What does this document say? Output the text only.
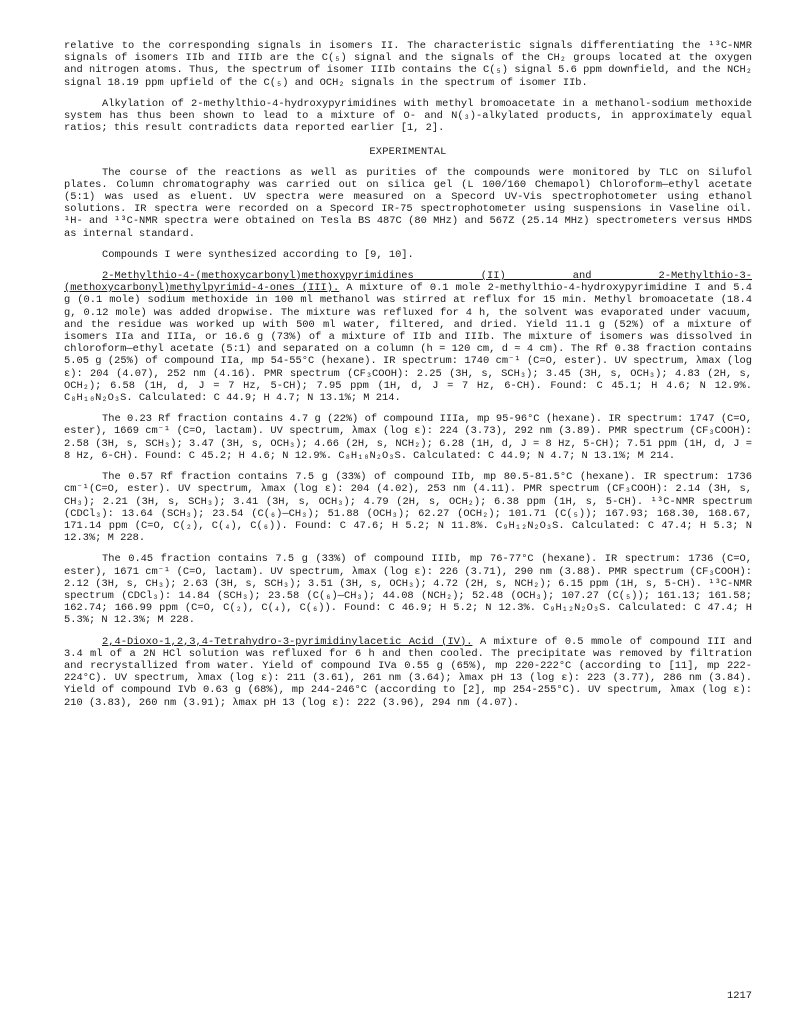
relative to the corresponding signals in isomers II. The characteristic signals differentiating the ¹³C-NMR signals of isomers IIb and IIIb are the C(₅) signal and the signals of the CH₂ groups located at the oxygen and nitrogen atoms. Thus, the spectrum of isomer IIIb contains the C(₅) signal 5.6 ppm downfield, and the NCH₂ signal 18.19 ppm upfield of the C(₅) and OCH₂ signals in the spectrum of isomer IIb.

Alkylation of 2-methylthio-4-hydroxypyrimidines with methyl bromoacetate in a methanol-sodium methoxide system has thus been shown to lead to a mixture of O- and N(₃)-alkylated products, in approximately equal ratios; this result contradicts data reported earlier [1, 2].

EXPERIMENTAL

The course of the reactions as well as purities of the compounds were monitored by TLC on Silufol plates. Column chromatography was carried out on silica gel (L 100/160 Chemapol) Chloroform—ethyl acetate (5:1) was used as eluent. UV spectra were measured on a Specord UV-Vis spectrophotometer using ethanol solutions. IR spectra were recorded on a Specord IR-75 spectrophotometer using suspensions in Vaseline oil. ¹H- and ¹³C-NMR spectra were obtained on Tesla BS 487C (80 MHz) and 567Z (25.14 MHz) spectrometers versus HMDS as internal standard.

Compounds I were synthesized according to [9, 10].

2-Methylthio-4-(methoxycarbonyl)methoxypyrimidines (II) and 2-Methylthio-3-(methoxycarbonyl)methylpyrimid-4-ones (III). A mixture of 0.1 mole 2-methylthio-4-hydroxypyrimidine I and 5.4 g (0.1 mole) sodium methoxide in 100 ml methanol was stirred at reflux for 15 min. Methyl bromoacetate (18.4 g, 0.12 mole) was added dropwise. The mixture was refluxed for 4 h, the solvent was evaporated under vacuum, and the residue was worked up with 500 ml water, filtered, and dried. Yield 11.1 g (52%) of a mixture of isomers IIa and IIIa, or 16.6 g (73%) of a mixture of IIb and IIIb. The mixture of isomers was dissolved in chloroform—ethyl acetate (5:1) and separated on a column (h = 120 cm, d ≈ 4 cm). The Rf 0.38 fraction contains 5.05 g (25%) of compound IIa, mp 54-55°C (hexane). IR spectrum: 1740 cm⁻¹ (C=O, ester). UV spectrum, λmax (log ε): 204 (4.07), 252 nm (4.16). PMR spectrum (CF₃COOH): 2.25 (3H, s, SCH₃); 3.45 (3H, s, OCH₃); 4.83 (2H, s, OCH₂); 6.58 (1H, d, J = 7 Hz, 5-CH); 7.95 ppm (1H, d, J = 7 Hz, 6-CH). Found: C 45.1; H 4.6; N 12.9%. C₈H₁₀N₂O₃S. Calculated: C 44.9; H 4.7; N 13.1%; M 214.

The 0.23 Rf fraction contains 4.7 g (22%) of compound IIIa, mp 95-96°C (hexane). IR spectrum: 1747 (C=O, ester), 1669 cm⁻¹ (C=O, lactam). UV spectrum, λmax (log ε): 224 (3.73), 292 nm (3.89). PMR spectrum (CF₃COOH): 2.58 (3H, s, SCH₃); 3.47 (3H, s, OCH₃); 4.66 (2H, s, NCH₂); 6.28 (1H, d, J = 8 Hz, 5-CH); 7.51 ppm (1H, d, J = 8 Hz, 6-CH). Found: C 45.2; H 4.6; N 12.9%. C₈H₁₀N₂O₃S. Calculated: C 44.9; N 4.7; N 13.1%; M 214.

The 0.57 Rf fraction contains 7.5 g (33%) of compound IIb, mp 80.5-81.5°C (hexane). IR spectrum: 1736 cm⁻¹(C=O, ester). UV spectrum, λmax (log ε): 204 (4.02), 253 nm (4.11). PMR spectrum (CF₃COOH): 2.14 (3H, s, CH₃); 2.21 (3H, s, SCH₃); 3.41 (3H, s, OCH₃); 4.79 (2H, s, OCH₂); 6.38 ppm (1H, s, 5-CH). ¹³C-NMR spectrum (CDCl₃): 13.64 (SCH₃); 23.54 (C(₆)—CH₃); 51.88 (OCH₃); 62.27 (OCH₂); 101.71 (C(₅)); 167.93; 168.30, 168.67, 171.14 ppm (C=O, C(₂), C(₄), C(₆)). Found: C 47.6; H 5.2; N 11.8%. C₉H₁₂N₂O₃S. Calculated: C 47.4; H 5.3; N 12.3%; M 228.

The 0.45 fraction contains 7.5 g (33%) of compound IIIb, mp 76-77°C (hexane). IR spectrum: 1736 (C=O, ester), 1671 cm⁻¹ (C=O, lactam). UV spectrum, λmax (log ε): 226 (3.71), 290 nm (3.88). PMR spectrum (CF₃COOH): 2.12 (3H, s, CH₃); 2.63 (3H, s, SCH₃); 3.51 (3H, s, OCH₃); 4.72 (2H, s, NCH₂); 6.15 ppm (1H, s, 5-CH). ¹³C-NMR spectrum (CDCl₃): 14.84 (SCH₃); 23.58 (C(₆)—CH₃); 44.08 (NCH₂); 52.48 (OCH₃); 107.27 (C(₅)); 161.13; 161.58; 162.74; 166.99 ppm (C=O, C(₂), C(₄), C(₆)). Found: C 46.9; H 5.2; N 12.3%. C₉H₁₂N₂O₃S. Calculated: C 47.4; H 5.3%; N 12.3%; M 228.

2,4-Dioxo-1,2,3,4-Tetrahydro-3-pyrimidinylacetic Acid (IV). A mixture of 0.5 mmole of compound III and 3.4 ml of a 2N HCl solution was refluxed for 6 h and then cooled. The precipitate was removed by filtration and recrystallized from water. Yield of compound IVa 0.55 g (65%), mp 220-222°C (according to [11], mp 222-224°C). UV spectrum, λmax (log ε): 211 (3.61), 261 nm (3.64); λmax pH 13 (log ε): 223 (3.77), 286 nm (3.84). Yield of compound IVb 0.63 g (68%), mp 244-246°C (according to [2], mp 254-255°C). UV spectrum, λmax (log ε): 210 (3.83), 260 nm (3.91); λmax pH 13 (log ε): 222 (3.96), 294 nm (4.07).

1217
